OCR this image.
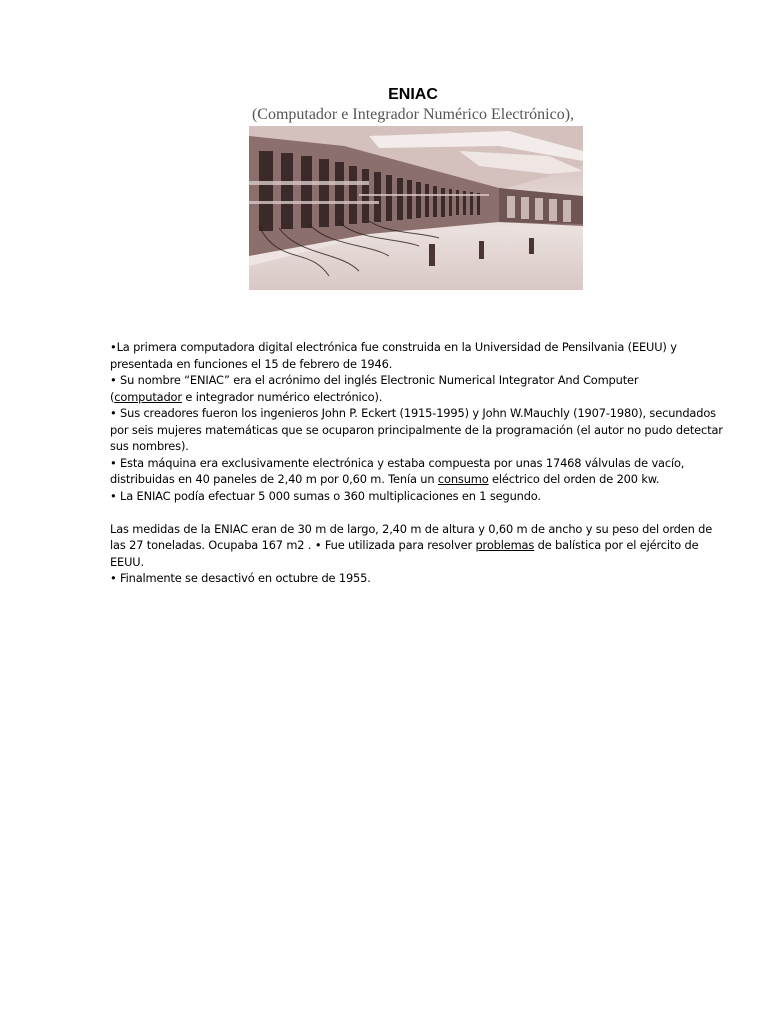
ENIAC
(Computador e Integrador Numérico Electrónico),

•La primera computadora digital electrónica fue construida en la Universidad de Pensilvania (EEUU) y presentada en funciones el 15 de febrero de 1946.

• Su nombre “ENIAC” era el acrónimo del inglés Electronic Numerical Integrator And Computer

(computador e integrador numérico electrónico).

• Sus creadores fueron los ingenieros John P. Eckert (1915-1995) y John W.Mauchly (1907-1980), secundados por seis mujeres matemáticas que se ocuparon principalmente de la programación (el autor no pudo detectar sus nombres).

• Esta máquina era exclusivamente electrónica y estaba compuesta por unas 17468 válvulas de vacío, distribuidas en 40 paneles de 2,40 m por 0,60 m. Tenía un consumo eléctrico del orden de 200 kw.

• La ENIAC podía efectuar 5 000 sumas o 360 multiplicaciones en 1 segundo.

Las medidas de la ENIAC eran de 30 m de largo, 2,40 m de altura y 0,60 m de ancho y su peso del orden de las 27 toneladas. Ocupaba 167 m2 . • Fue utilizada para resolver problemas de balística por el ejército de EEUU.

• Finalmente se desactivó en octubre de 1955.
